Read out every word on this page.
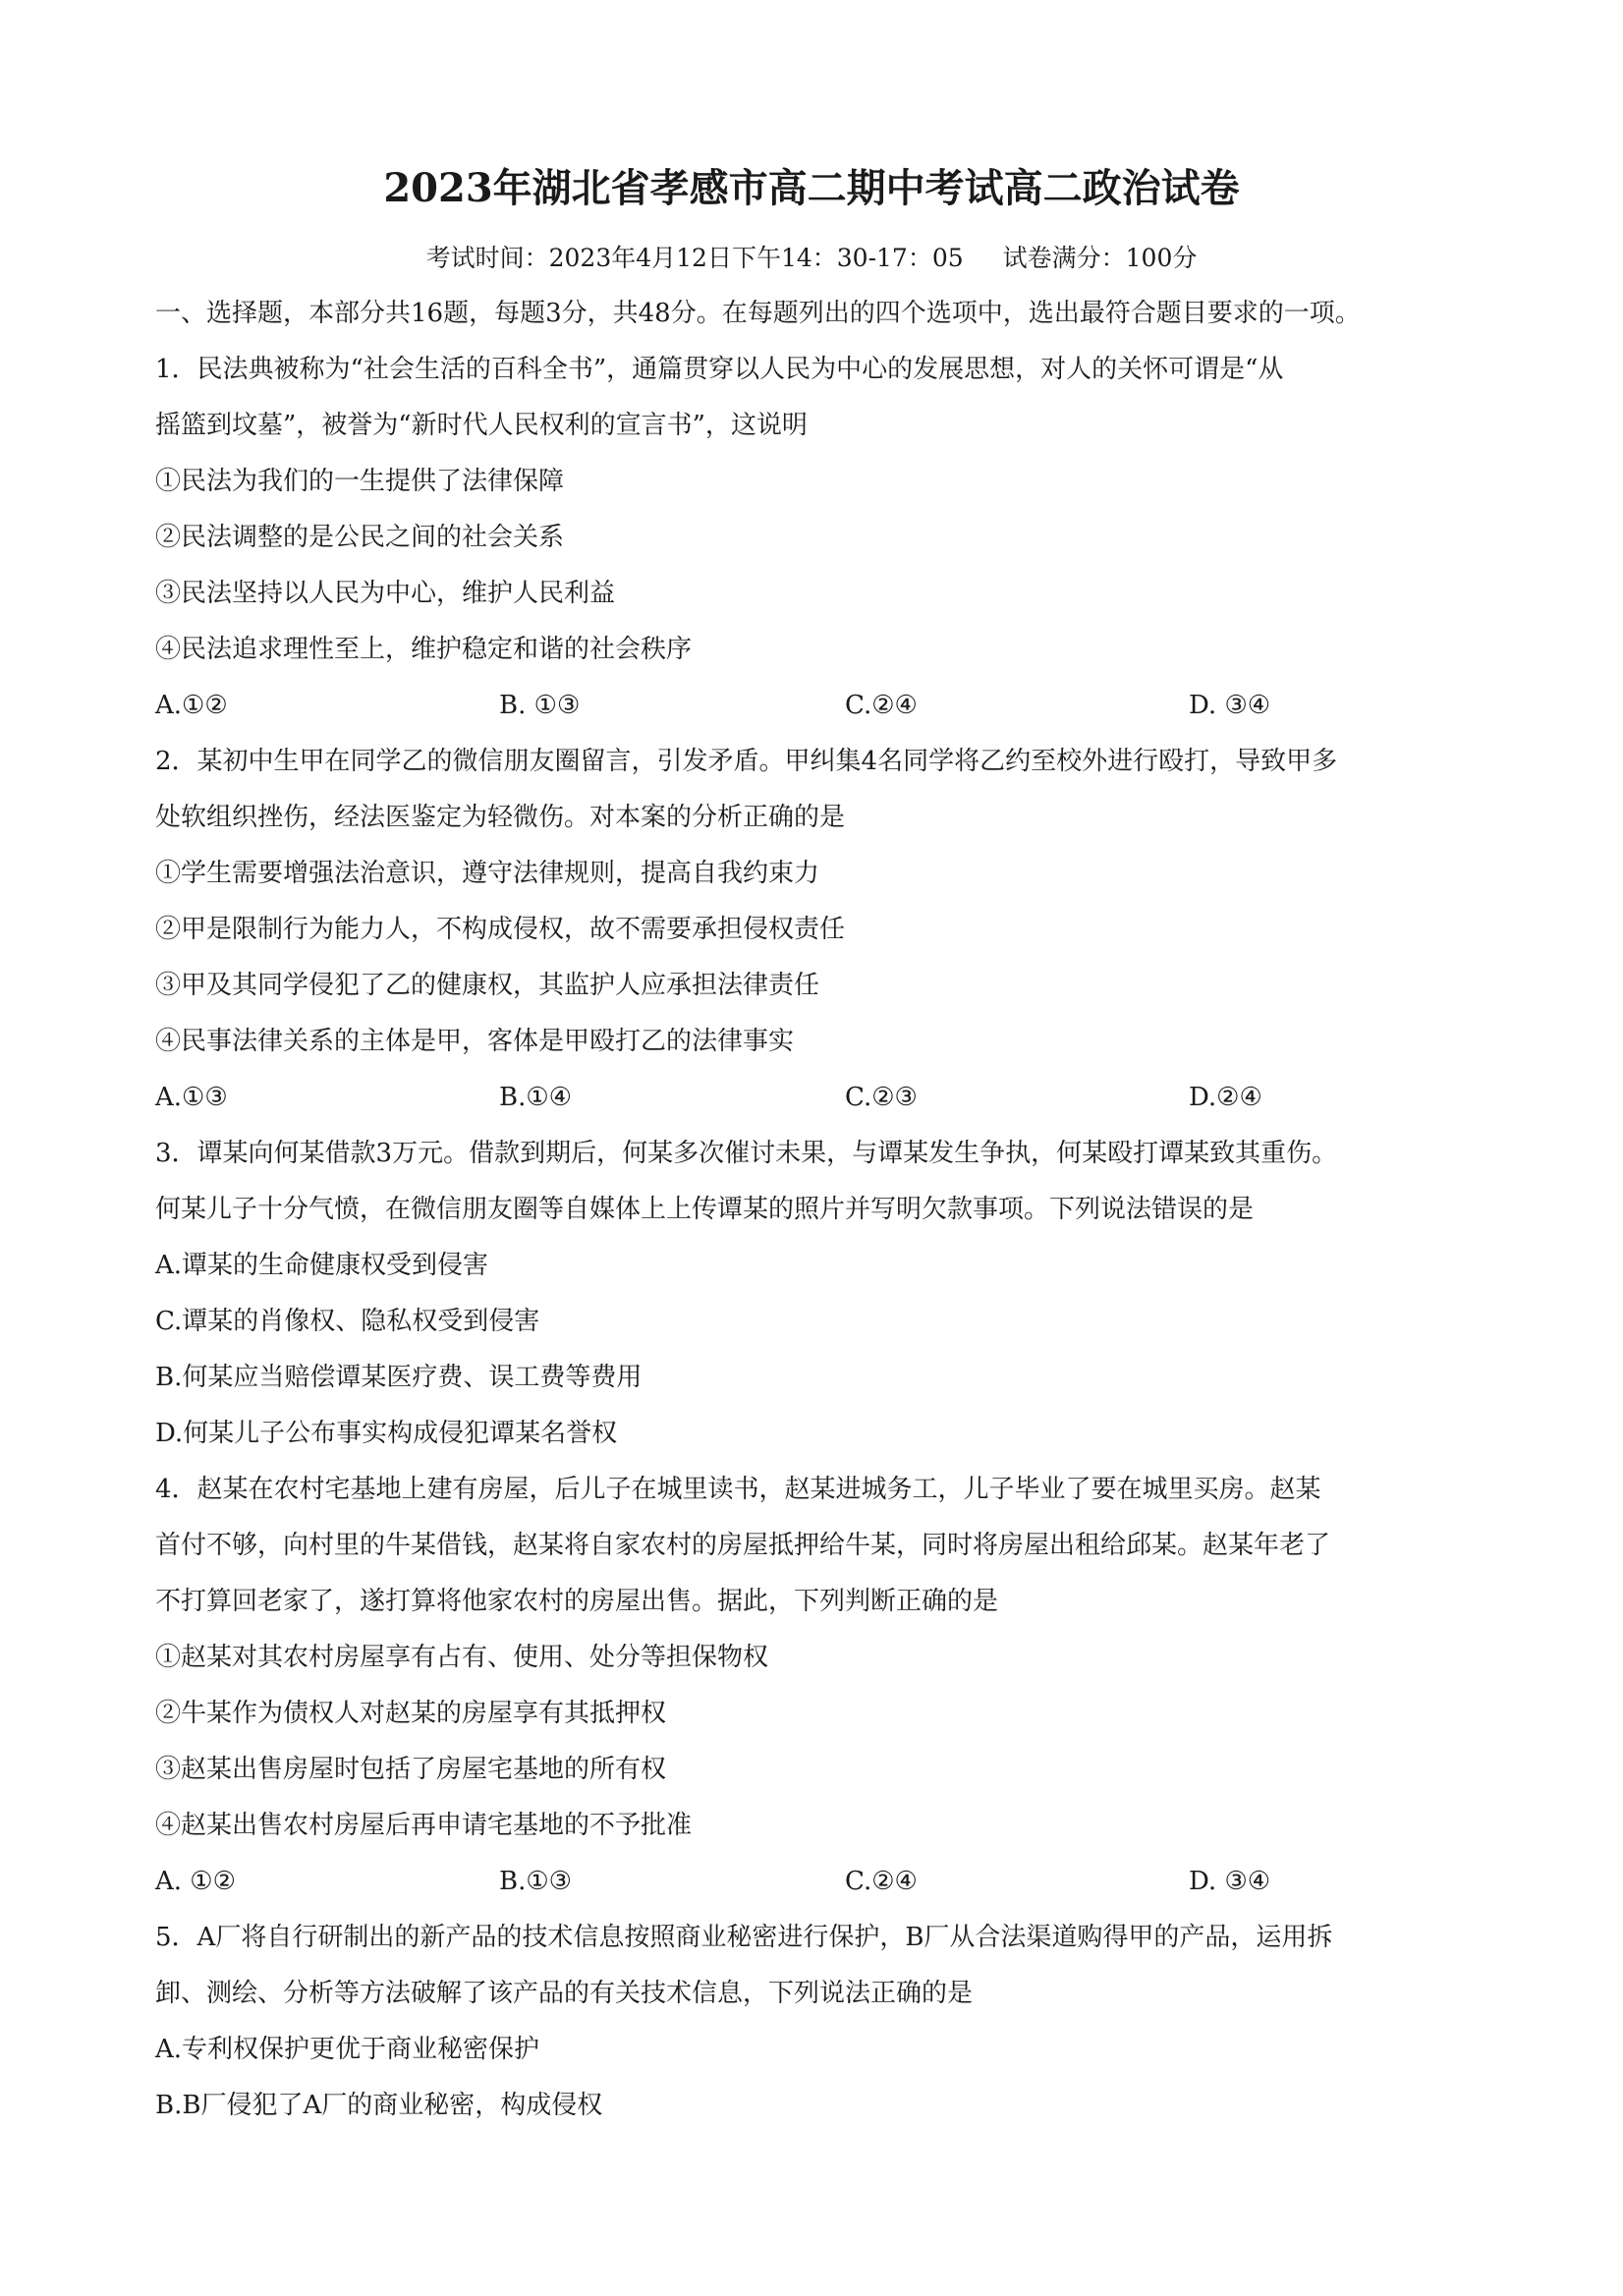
2023年湖北省孝感市高二期中考试高二政治试卷
考试时间：2023年4月12日下午14：30-17：05 试卷满分：100分
一、选择题，本部分共16题，每题3分，共48分。在每题列出的四个选项中，选出最符合题目要求的一项。
1．民法典被称为“社会生活的百科全书”，通篇贯穿以人民为中心的发展思想，对人的关怀可谓是“从
摇篮到坟墓”，被誉为“新时代人民权利的宣言书”，这说明
①民法为我们的一生提供了法律保障
②民法调整的是公民之间的社会关系
③民法坚持以人民为中心，维护人民利益
④民法追求理性至上，维护稳定和谐的社会秩序
A.①②	B. ①③	C.②④	D. ③④
2．某初中生甲在同学乙的微信朋友圈留言，引发矛盾。甲纠集4名同学将乙约至校外进行殴打，导致甲多
处软组织挫伤，经法医鉴定为轻微伤。对本案的分析正确的是
①学生需要增强法治意识，遵守法律规则，提高自我约束力
②甲是限制行为能力人，不构成侵权，故不需要承担侵权责任
③甲及其同学侵犯了乙的健康权，其监护人应承担法律责任
④民事法律关系的主体是甲，客体是甲殴打乙的法律事实
A.①③	B.①④	C.②③	D.②④
3．谭某向何某借款3万元。借款到期后，何某多次催讨未果，与谭某发生争执，何某殴打谭某致其重伤。
何某儿子十分气愤，在微信朋友圈等自媒体上上传谭某的照片并写明欠款事项。下列说法错误的是
A.谭某的生命健康权受到侵害
C.谭某的肖像权、隐私权受到侵害
B.何某应当赔偿谭某医疗费、误工费等费用
D.何某儿子公布事实构成侵犯谭某名誉权
4．赵某在农村宅基地上建有房屋，后儿子在城里读书，赵某进城务工，儿子毕业了要在城里买房。赵某
首付不够，向村里的牛某借钱，赵某将自家农村的房屋抵押给牛某，同时将房屋出租给邱某。赵某年老了
不打算回老家了，遂打算将他家农村的房屋出售。据此，下列判断正确的是
①赵某对其农村房屋享有占有、使用、处分等担保物权
②牛某作为债权人对赵某的房屋享有其抵押权
③赵某出售房屋时包括了房屋宅基地的所有权
④赵某出售农村房屋后再申请宅基地的不予批准
A. ①②	B.①③	C.②④	D. ③④
5．A厂将自行研制出的新产品的技术信息按照商业秘密进行保护，B厂从合法渠道购得甲的产品，运用拆
卸、测绘、分析等方法破解了该产品的有关技术信息，下列说法正确的是
A.专利权保护更优于商业秘密保护
B.B厂侵犯了A厂的商业秘密，构成侵权
